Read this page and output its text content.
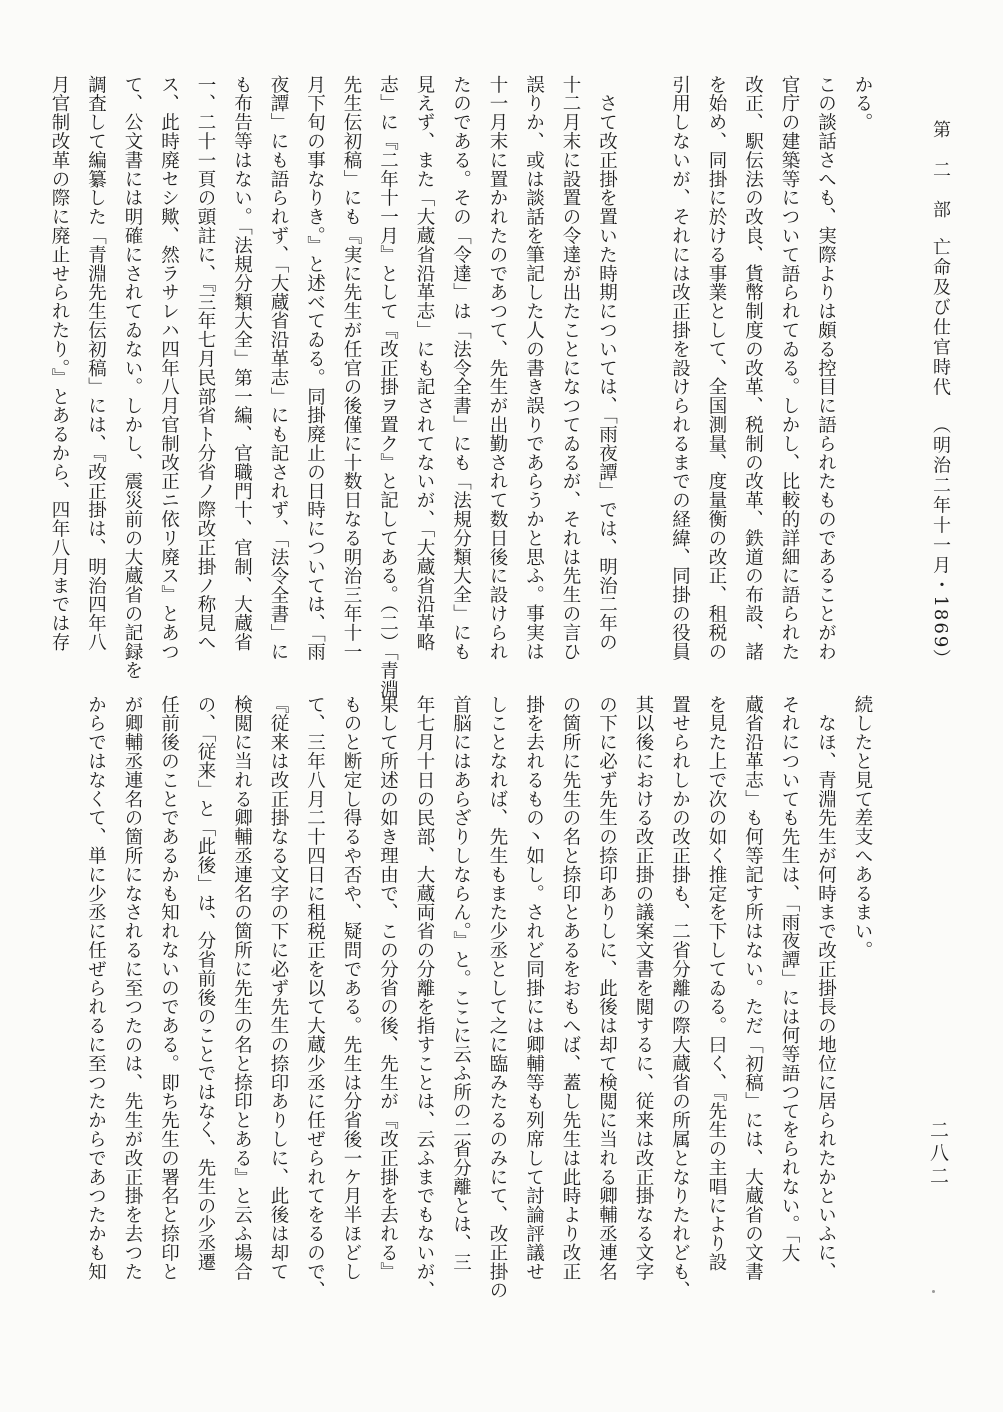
第　二　部 亡命及び仕官時代 （明治二年十一月・1869）
二八二
かる。
この談話さへも、実際よりは頗る控目に語られたものであることがわ
官庁の建築等について語られてゐる。しかし、比較的詳細に語られた
改正、駅伝法の改良、貨幣制度の改革、税制の改革、鉄道の布設、諸
を始め、同掛に於ける事業として、全国測量、度量衡の改正、租税の
引用しないが、それには改正掛を設けられるまでの経緯、同掛の役員

　さて改正掛を置いた時期については、「雨夜譚」では、明治二年の
十二月末に設置の令達が出たことになつてゐるが、それは先生の言ひ
誤りか、或は談話を筆記した人の書き誤りであらうかと思ふ。事実は
十一月末に置かれたのであつて、先生が出勤されて数日後に設けられ
たのである。その「令達」は「法令全書」にも「法規分類大全」にも
見えず、また「大蔵省沿革志」にも記されてないが、「大蔵省沿革略
志」に『二年十一月』として『改正掛ヲ置ク』と記してある。（二）「青淵
先生伝初稿」にも『実に先生が任官の後僅に十数日なる明治三年十一
月下旬の事なりき。』と述べてゐる。同掛廃止の日時については、「雨
夜譚」にも語られず、「大蔵省沿革志」にも記されず、「法令全書」に
も布告等はない。「法規分類大全」第一編、官職門十、官制、大蔵省
一、二十一頁の頭註に、『三年七月民部省ト分省ノ際改正掛ノ称見へ
ス、此時廃セシ歟、然ラサレハ四年八月官制改正ニ依リ廃ス』とあつ
て、公文書には明確にされてゐない。しかし、震災前の大蔵省の記録を
調査して編纂した「青淵先生伝初稿」には、『改正掛は、明治四年八
月官制改革の際に廃止せられたり。』とあるから、四年八月までは存
続したと見て差支へあるまい。
　なほ、青淵先生が何時まで改正掛長の地位に居られたかといふに、
それについても先生は、「雨夜譚」には何等語つてをられない。「大
蔵省沿革志」も何等記す所はない。ただ「初稿」には、大蔵省の文書
を見た上で次の如く推定を下してゐる。曰く、『先生の主唱により設
置せられしかの改正掛も、二省分離の際大蔵省の所属となりたれども、
其以後における改正掛の議案文書を閲するに、従来は改正掛なる文字
の下に必ず先生の捺印ありしに、此後は却て検閲に当れる卿輔丞連名
の箇所に先生の名と捺印とあるをおもへば、蓋し先生は此時より改正
掛を去れるもの丶如し。されど同掛には卿輔等も列席して討論評議せ
しことなれば、先生もまた少丞として之に臨みたるのみにて、改正掛の
首脳にはあらざりしならん。』と。ここに云ふ所の二省分離とは、三
年七月十日の民部、大蔵両省の分離を指すことは、云ふまでもないが、
果して所述の如き理由で、この分省の後、先生が『改正掛を去れる』
ものと断定し得るや否や、疑問である。先生は分省後一ケ月半ほどし
て、三年八月二十四日に租税正を以て大蔵少丞に任ぜられてをるので、
『従来は改正掛なる文字の下に必ず先生の捺印ありしに、此後は却て
検閲に当れる卿輔丞連名の箇所に先生の名と捺印とある』と云ふ場合
の、「従来」と「此後」は、分省前後のことではなく、先生の少丞遷
任前後のことであるかも知れないのである。即ち先生の署名と捺印と
が卿輔丞連名の箇所になされるに至つたのは、先生が改正掛を去つた
からではなくて、単に少丞に任ぜられるに至つたからであつたかも知
